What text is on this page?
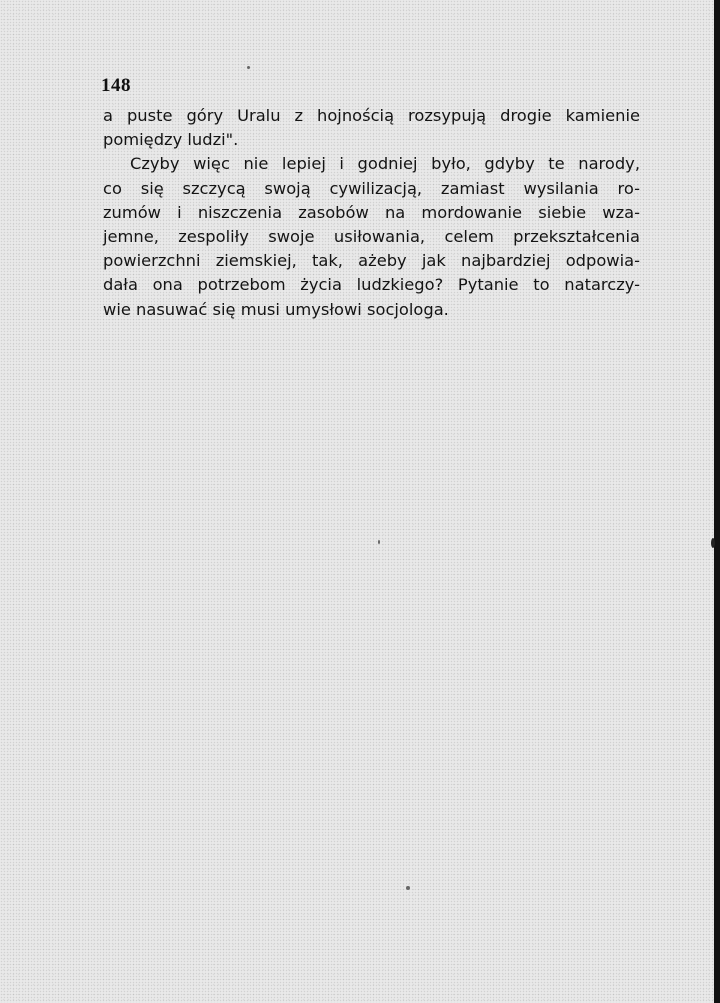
148
a puste góry Uralu z hojnością rozsypują drogie kamienie
pomiędzy ludzi".
Czyby więc nie lepiej i godniej było, gdyby te narody,
co się szczycą swoją cywilizacją, zamiast wysilania ro-
zumów i niszczenia zasobów na mordowanie siebie wza-
jemne, zespoliły swoje usiłowania, celem przekształcenia
powierzchni ziemskiej, tak, ażeby jak najbardziej odpowia-
dała ona potrzebom życia ludzkiego? Pytanie to natarczy-
wie nasuwać się musi umysłowi socjologa.
